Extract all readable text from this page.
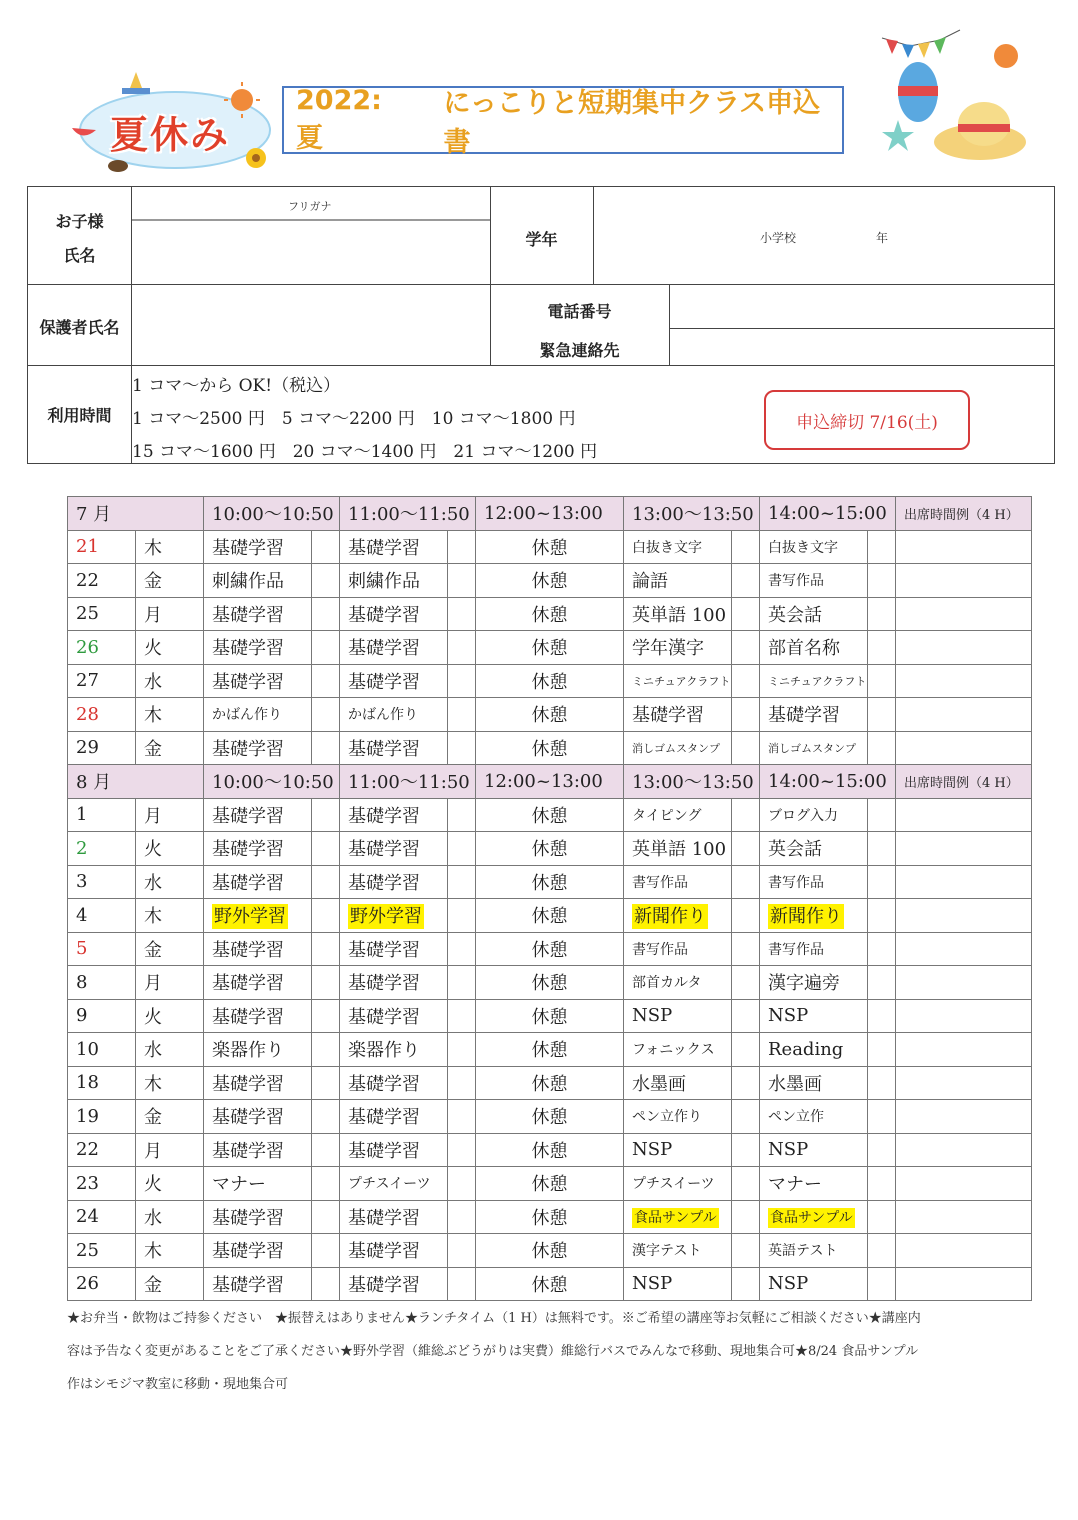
夏休み
2022:夏
にっこりと短期集中クラス申込書
お子様
氏名
フリガナ
学年	小学校	年
保護者氏名
電話番号
緊急連絡先
利用時間
1 コマ〜から OK!（税込）
1 コマ〜2500 円　5 コマ〜2200 円　10 コマ〜1800 円
15 コマ〜1600 円　20 コマ〜1400 円　21 コマ〜1200 円
申込締切 7/16(土)
7 月		10:00〜10:50		11:00〜11:50		12:00~13:00	13:00〜13:50		14:00~15:00		出席時間例（4 H）
21	木	基礎学習		基礎学習		休憩	白抜き文字		白抜き文字		
22	金	刺繍作品		刺繍作品		休憩	論語		書写作品		
25	月	基礎学習		基礎学習		休憩	英単語 100		英会話		
26	火	基礎学習		基礎学習		休憩	学年漢字		部首名称		
27	水	基礎学習		基礎学習		休憩	ミニチュアクラフト		ミニチュアクラフト		
28	木	かばん作り		かばん作り		休憩	基礎学習		基礎学習		
29	金	基礎学習		基礎学習		休憩	消しゴムスタンプ		消しゴムスタンプ		
8 月		10:00〜10:50		11:00〜11:50		12:00~13:00	13:00〜13:50		14:00~15:00		出席時間例（4 H）
1	月	基礎学習		基礎学習		休憩	タイピング		ブログ入力		
2	火	基礎学習		基礎学習		休憩	英単語 100		英会話		
3	水	基礎学習		基礎学習		休憩	書写作品		書写作品		
4	木	野外学習		野外学習		休憩	新聞作り		新聞作り		
5	金	基礎学習		基礎学習		休憩	書写作品		書写作品		
8	月	基礎学習		基礎学習		休憩	部首カルタ		漢字遍旁		
9	火	基礎学習		基礎学習		休憩	NSP		NSP		
10	水	楽器作り		楽器作り		休憩	フォニックス		Reading		
18	木	基礎学習		基礎学習		休憩	水墨画		水墨画		
19	金	基礎学習		基礎学習		休憩	ペン立作り		ペン立作		
22	月	基礎学習		基礎学習		休憩	NSP		NSP		
23	火	マナー		プチスイーツ		休憩	プチスイーツ		マナー		
24	水	基礎学習		基礎学習		休憩	食品サンプル		食品サンプル		
25	木	基礎学習		基礎学習		休憩	漢字テスト		英語テスト		
26	金	基礎学習		基礎学習		休憩	NSP		NSP		
★お弁当・飲物はご持参ください　★振替えはありません★ランチタイム（1 H）は無料です。※ご希望の講座等お気軽にご相談ください★講座内
容は予告なく変更があることをご了承ください★野外学習（維総ぶどうがりは実費）維総行バスでみんなで移動、現地集合可★8/24 食品サンプル
作はシモジマ教室に移動・現地集合可
